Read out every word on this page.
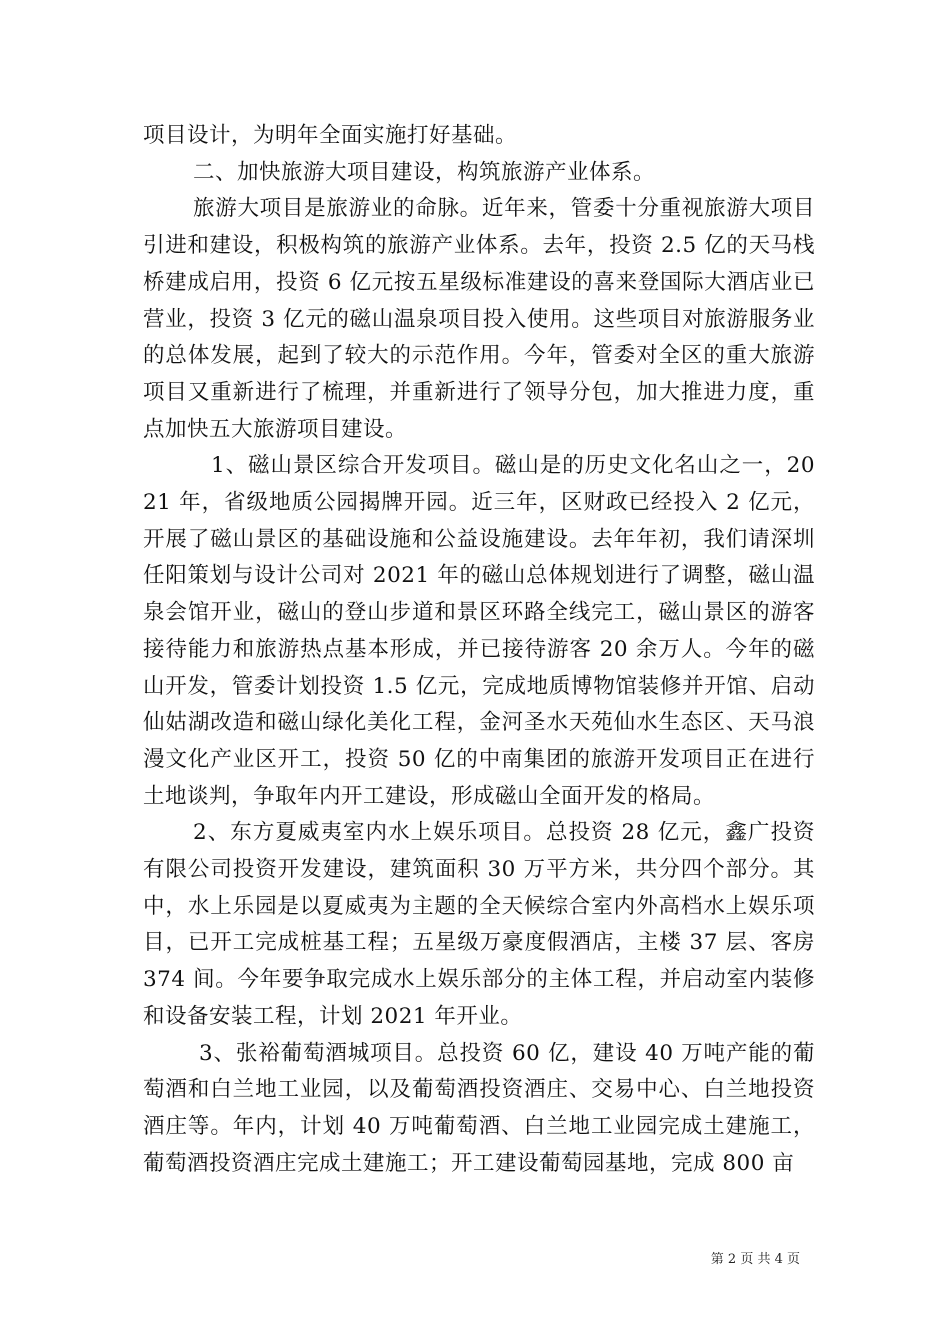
项目设计，为明年全面实施打好基础。

二、加快旅游大项目建设，构筑旅游产业体系。

旅游大项目是旅游业的命脉。近年来，管委十分重视旅游大项目引进和建设，积极构筑的旅游产业体系。去年，投资 2.5 亿的天马栈桥建成启用，投资 6 亿元按五星级标准建设的喜来登国际大酒店业已营业，投资 3 亿元的磁山温泉项目投入使用。这些项目对旅游服务业的总体发展，起到了较大的示范作用。今年，管委对全区的重大旅游项目又重新进行了梳理，并重新进行了领导分包，加大推进力度，重点加快五大旅游项目建设。

1、磁山景区综合开发项目。磁山是的历史文化名山之一，2021 年，省级地质公园揭牌开园。近三年，区财政已经投入 2 亿元，开展了磁山景区的基础设施和公益设施建设。去年年初，我们请深圳任阳策划与设计公司对 2021 年的磁山总体规划进行了调整，磁山温泉会馆开业，磁山的登山步道和景区环路全线完工，磁山景区的游客接待能力和旅游热点基本形成，并已接待游客 20 余万人。今年的磁山开发，管委计划投资 1.5 亿元，完成地质博物馆装修并开馆、启动仙姑湖改造和磁山绿化美化工程，金河圣水天苑仙水生态区、天马浪漫文化产业区开工，投资 50 亿的中南集团的旅游开发项目正在进行土地谈判，争取年内开工建设，形成磁山全面开发的格局。

2、东方夏威夷室内水上娱乐项目。总投资 28 亿元，鑫广投资有限公司投资开发建设，建筑面积 30 万平方米，共分四个部分。其中，水上乐园是以夏威夷为主题的全天候综合室内外高档水上娱乐项目，已开工完成桩基工程；五星级万豪度假酒店，主楼 37 层、客房 374 间。今年要争取完成水上娱乐部分的主体工程，并启动室内装修和设备安装工程，计划 2021 年开业。

3、张裕葡萄酒城项目。总投资 60 亿，建设 40 万吨产能的葡萄酒和白兰地工业园，以及葡萄酒投资酒庄、交易中心、白兰地投资酒庄等。年内，计划 40 万吨葡萄酒、白兰地工业园完成土建施工，葡萄酒投资酒庄完成土建施工；开工建设葡萄园基地，完成 800 亩

第 2 页 共 4 页
